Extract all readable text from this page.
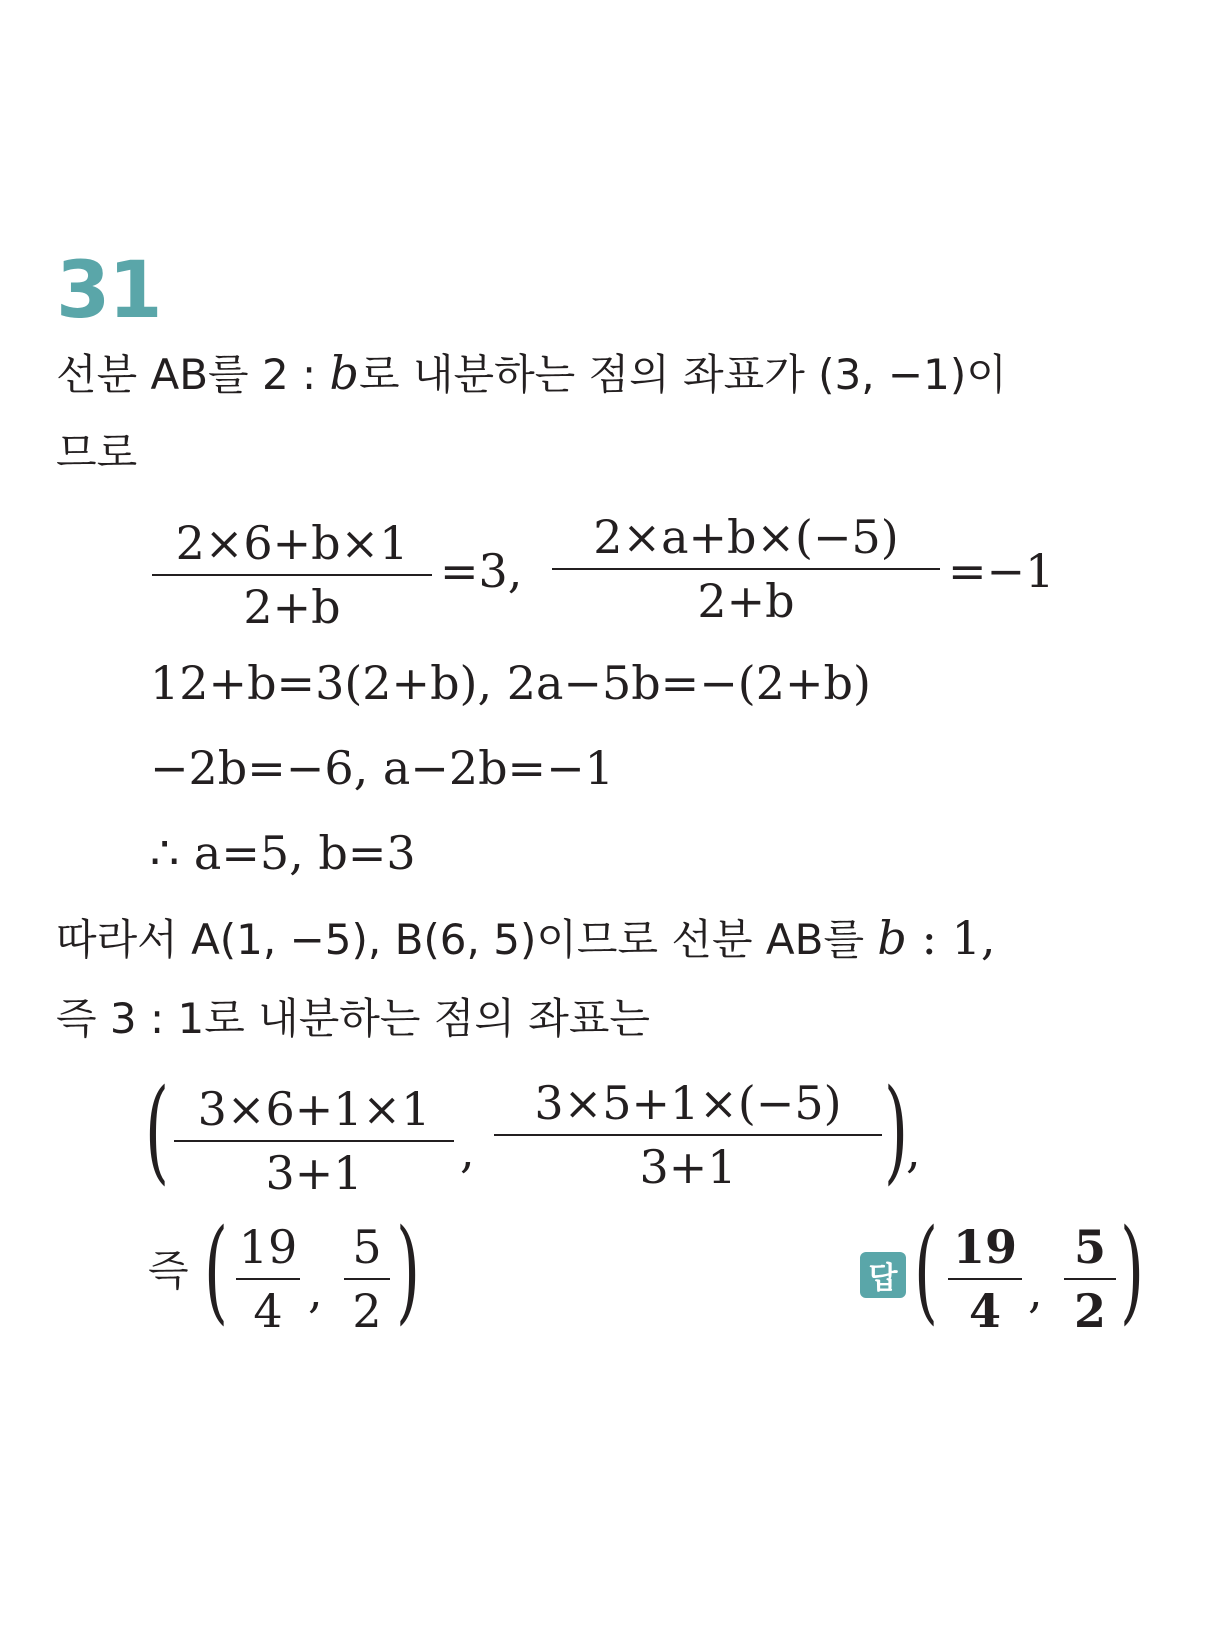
31
선분 AB를 2 : b로 내분하는 점의 좌표가 (3, −1)이
므로
2×6+b×1
2+b
=3,
2×a+b×(−5)
2+b
=−1
12+b=3(2+b), 2a−5b=−(2+b)
−2b=−6, a−2b=−1
∴ a=5, b=3
따라서 A(1, −5), B(6, 5)이므로 선분 AB를 b : 1,
즉 3 : 1로 내분하는 점의 좌표는
( 3×6+1×1
3+1	,
3×5+1×(−5)
3+1	)
,
즉 ( 19
4 ,
5
2 )	답 ( 19
4 ,
5
2 )
